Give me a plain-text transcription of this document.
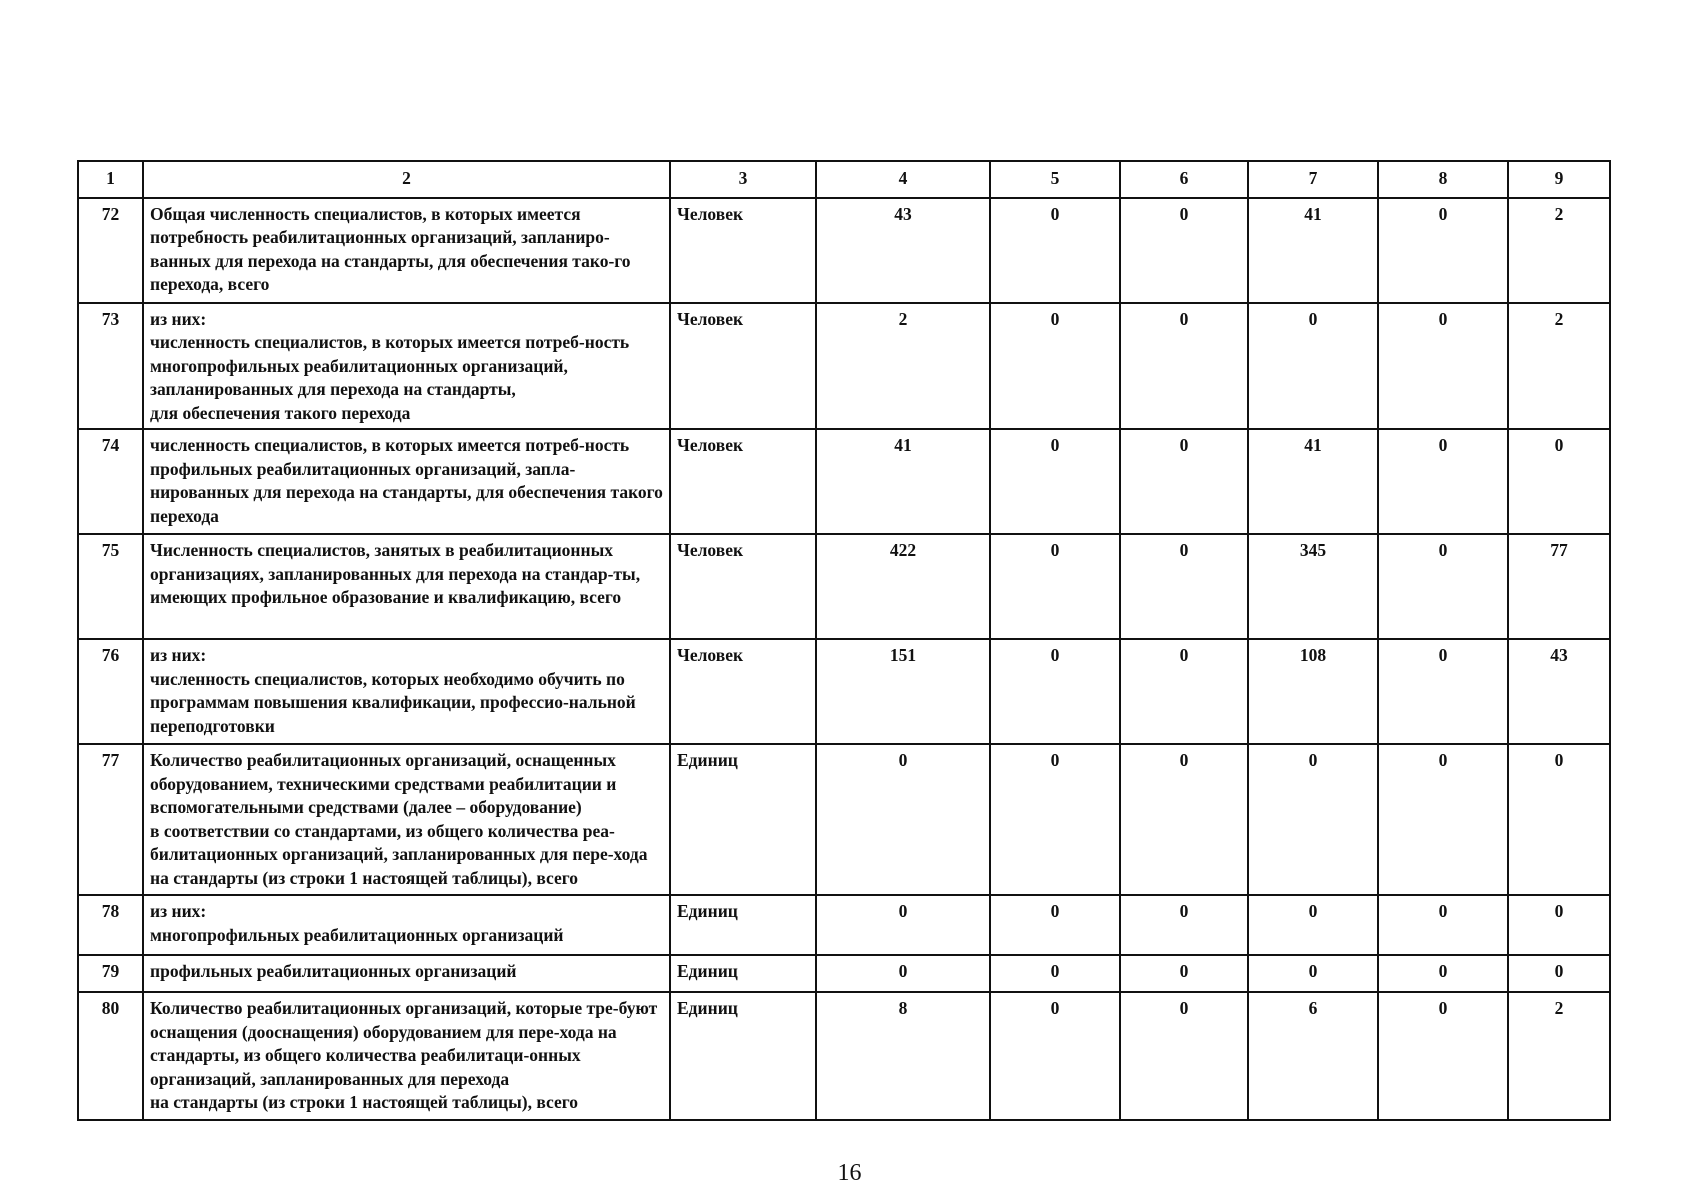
1	2	3	4	5	6	7	8	9
72	Общая численность специалистов, в которых имеется потребность реабилитационных организаций, запланиро-ванных для перехода на стандарты, для обеспечения тако-го перехода, всего	Человек	43	0	0	41	0	2
73	из них:
численность специалистов, в которых имеется потреб-ность многопрофильных реабилитационных организаций, запланированных для перехода на стандарты,
для обеспечения такого перехода	Человек	2	0	0	0	0	2
74	численность специалистов, в которых имеется потреб-ность профильных реабилитационных организаций, запла-нированных для перехода на стандарты, для обеспечения такого перехода	Человек	41	0	0	41	0	0
75	Численность специалистов, занятых в реабилитационных организациях, запланированных для перехода на стандар-ты, имеющих профильное образование и квалификацию, всего	Человек	422	0	0	345	0	77
76	из них:
численность специалистов, которых необходимо обучить по программам повышения квалификации, профессио-нальной переподготовки	Человек	151	0	0	108	0	43
77	Количество реабилитационных организаций, оснащенных оборудованием, техническими средствами реабилитации и вспомогательными средствами (далее – оборудование)
в соответствии со стандартами, из общего количества реа-билитационных организаций, запланированных для пере-хода на стандарты (из строки 1 настоящей таблицы), всего	Единиц	0	0	0	0	0	0
78	из них:
многопрофильных реабилитационных организаций	Единиц	0	0	0	0	0	0
79	профильных реабилитационных организаций	Единиц	0	0	0	0	0	0
80	Количество реабилитационных организаций, которые тре-буют оснащения (дооснащения) оборудованием для пере-хода на стандарты, из общего количества реабилитаци-онных организаций, запланированных для перехода
на стандарты (из строки 1 настоящей таблицы), всего	Единиц	8	0	0	6	0	2
16
